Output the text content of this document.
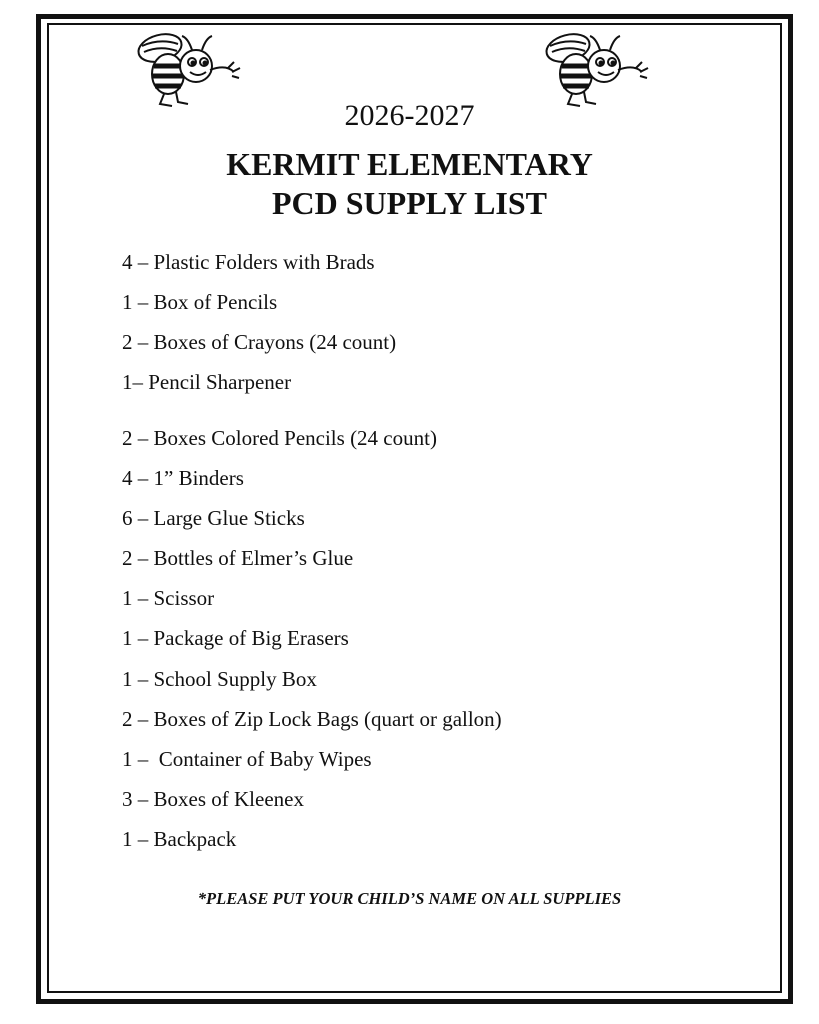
2026-2027
KERMIT ELEMENTARY
PCD SUPPLY LIST
4 – Plastic Folders with Brads
1 – Box of Pencils
2 – Boxes of Crayons (24 count)
1– Pencil Sharpener
2 – Boxes Colored Pencils (24 count)
4 – 1” Binders
6 – Large Glue Sticks
2 – Bottles of Elmer’s Glue
1 – Scissor
1 – Package of Big Erasers
1 – School Supply Box
2 – Boxes of Zip Lock Bags (quart or gallon)
1 –  Container of Baby Wipes
3 – Boxes of Kleenex
1 – Backpack
*PLEASE PUT YOUR CHILD’S NAME ON ALL SUPPLIES
